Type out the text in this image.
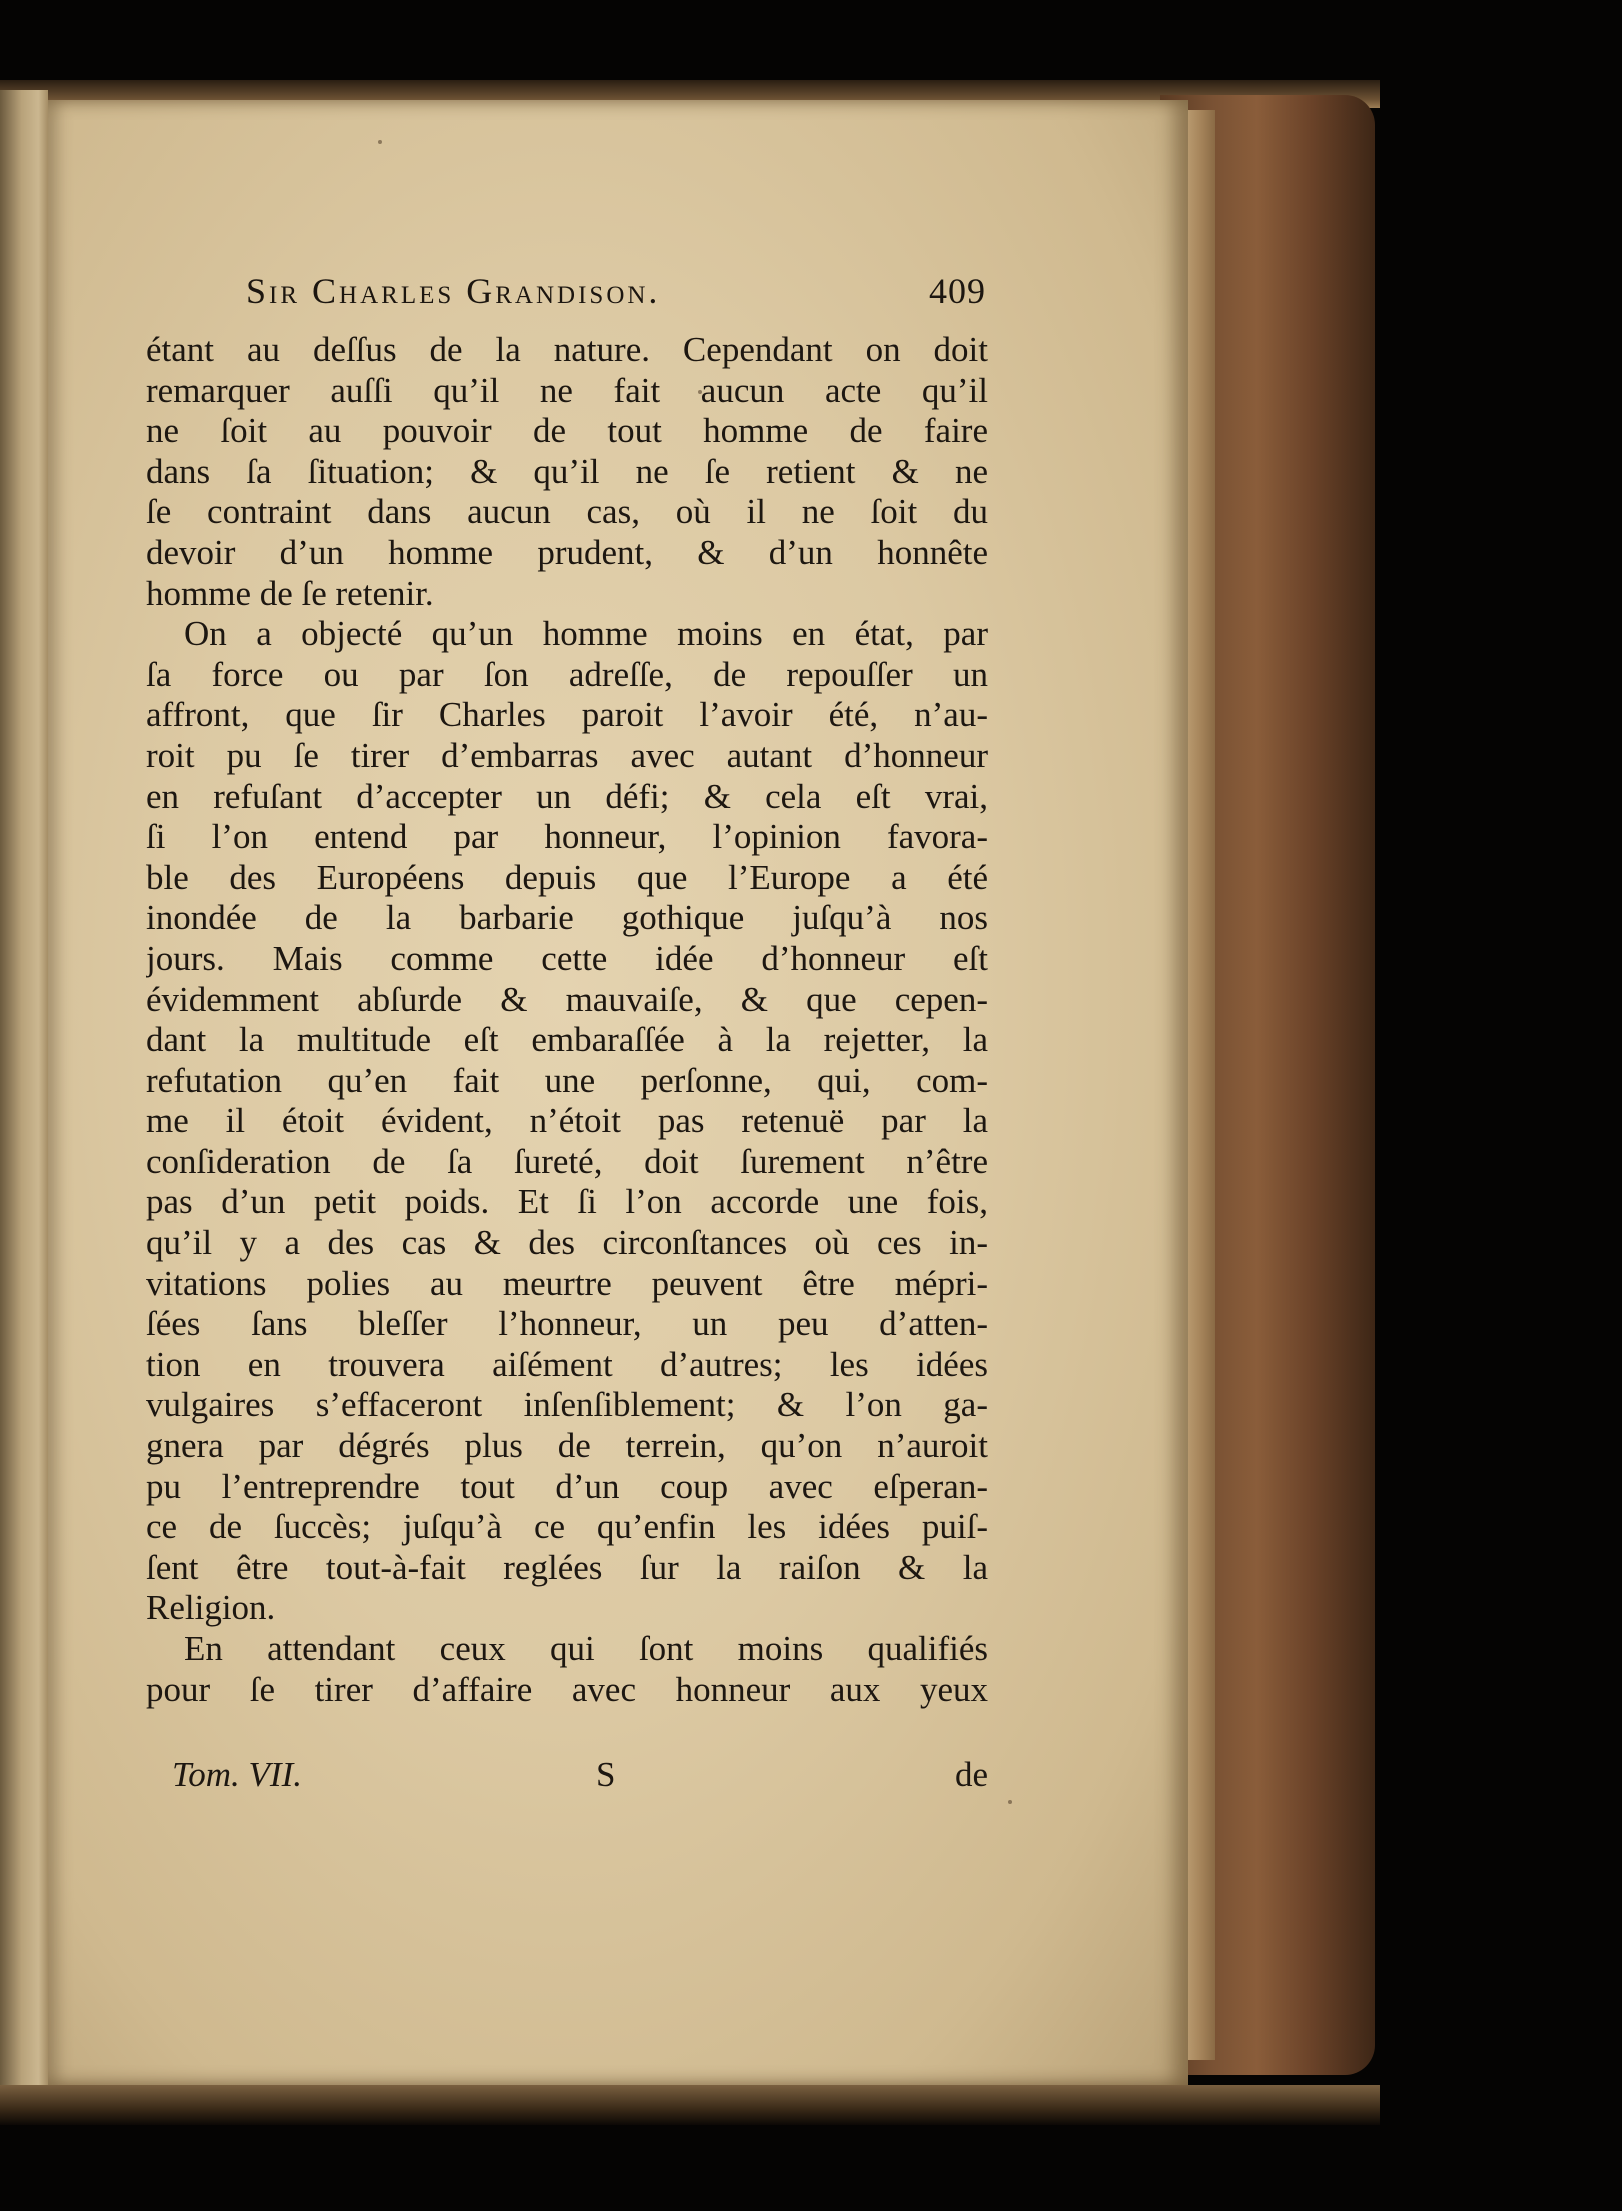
Sir Charles Grandison.	409
étant au deſſus de la nature. Cependant on doit
remarquer auſſi qu’il ne fait aucun acte qu’il
ne ſoit au pouvoir de tout homme de faire
dans ſa ſituation; & qu’il ne ſe retient & ne
ſe contraint dans aucun cas, où il ne ſoit du
devoir d’un homme prudent, & d’un honnête
homme de ſe retenir.
On a objecté qu’un homme moins en état, par
ſa force ou par ſon adreſſe, de repouſſer un
affront, que ſir Charles paroit l’avoir été, n’au-
roit pu ſe tirer d’embarras avec autant d’honneur
en refuſant d’accepter un défi; & cela eſt vrai,
ſi l’on entend par honneur, l’opinion favora-
ble des Européens depuis que l’Europe a été
inondée de la barbarie gothique juſqu’à nos
jours. Mais comme cette idée d’honneur eſt
évidemment abſurde & mauvaiſe, & que cepen-
dant la multitude eſt embaraſſée à la rejetter, la
refutation qu’en fait une perſonne, qui, com-
me il étoit évident, n’étoit pas retenuë par la
conſideration de ſa ſureté, doit ſurement n’être
pas d’un petit poids. Et ſi l’on accorde une fois,
qu’il y a des cas & des circonſtances où ces in-
vitations polies au meurtre peuvent être mépri-
ſées ſans bleſſer l’honneur, un peu d’atten-
tion en trouvera aiſément d’autres; les idées
vulgaires s’effaceront inſenſiblement; & l’on ga-
gnera par dégrés plus de terrein, qu’on n’auroit
pu l’entreprendre tout d’un coup avec eſperan-
ce de ſuccès; juſqu’à ce qu’enfin les idées puiſ-
ſent être tout-à-fait reglées ſur la raiſon & la
Religion.
En attendant ceux qui ſont moins qualifiés
pour ſe tirer d’affaire avec honneur aux yeux
Tom. VII.	S	de
